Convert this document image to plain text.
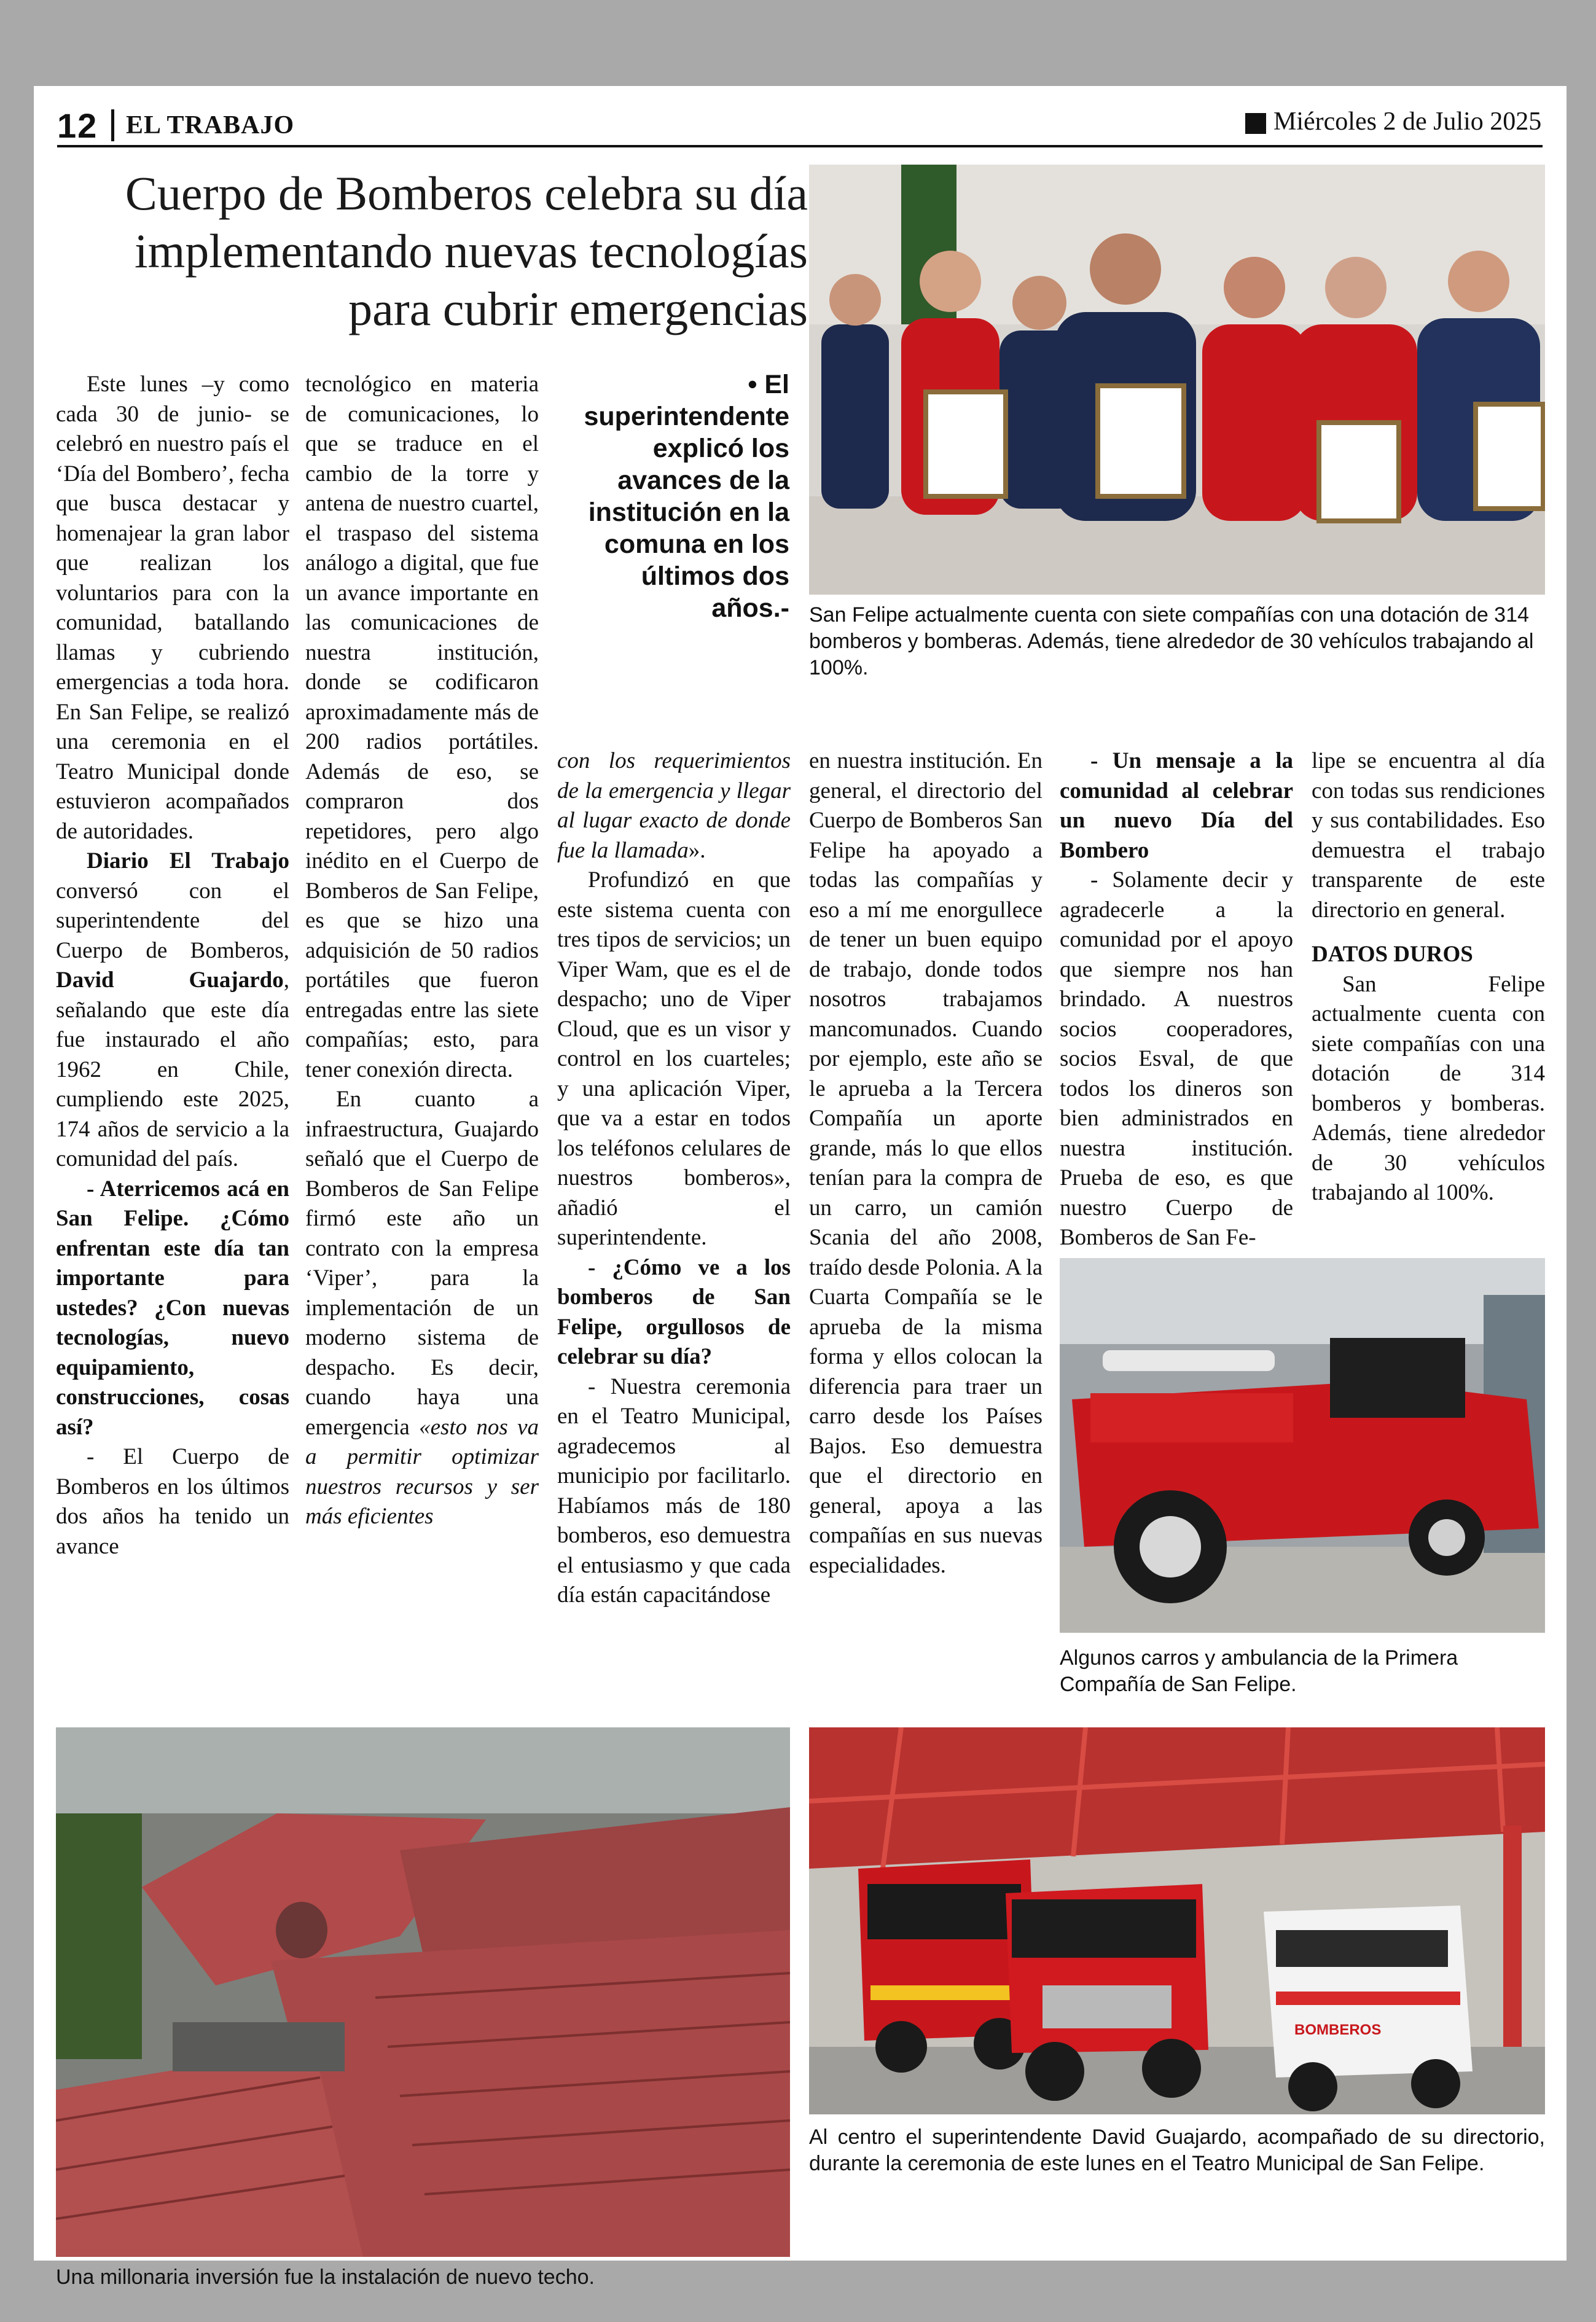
12 EL TRABAJO	Miércoles 2 de Julio 2025
Cuerpo de Bomberos celebra su día
implementando nuevas tecnologías
para cubrir emergencias
• El superintendente explicó los avances de la institución en la comuna en los últimos dos años.-

Este lunes –y como cada 30 de junio- se celebró en nuestro país el ‘Día del Bombero’, fecha que busca destacar y homenajear la gran labor que realizan los voluntarios para con la comunidad, batallando llamas y cubriendo emergencias a toda hora. En San Felipe, se realizó una ceremonia en el Teatro Municipal donde estuvieron acompañados de autoridades.

Diario El Trabajo conversó con el superintendente del Cuerpo de Bomberos, David Guajardo, señalando que este día fue instaurado el año 1962 en Chile, cumpliendo este 2025, 174 años de servicio a la comunidad del país.

- Aterricemos acá en San Felipe. ¿Cómo enfrentan este día tan importante para ustedes? ¿Con nuevas tecnologías, nuevo equipamiento, construcciones, cosas así?

- El Cuerpo de Bomberos en los últimos dos años ha tenido un avance

tecnológico en materia de comunicaciones, lo que se traduce en el cambio de la torre y antena de nuestro cuartel, el traspaso del sistema análogo a digital, que fue un avance importante en las comunicaciones de nuestra institución, donde se codificaron aproximadamente más de 200 radios portátiles. Además de eso, se compraron dos repetidores, pero algo inédito en el Cuerpo de Bomberos de San Felipe, es que se hizo una adquisición de 50 radios portátiles que fueron entregadas entre las siete compañías; esto, para tener conexión directa.

En cuanto a infraestructura, Guajardo señaló que el Cuerpo de Bomberos de San Felipe firmó este año un contrato con la empresa ‘Viper’, para la implementación de un moderno sistema de despacho. Es decir, cuando haya una emergencia «esto nos va a permitir optimizar nuestros recursos y ser más eficientes

con los requerimientos de la emergencia y llegar al lugar exacto de donde fue la llamada».

Profundizó en que este sistema cuenta con tres tipos de servicios; un Viper Wam, que es el de despacho; uno de Viper Cloud, que es un visor y control en los cuarteles; y una aplicación Viper, que va a estar en todos los teléfonos celulares de nuestros bomberos», añadió el superintendente.

- ¿Cómo ve a los bomberos de San Felipe, orgullosos de celebrar su día?

- Nuestra ceremonia en el Teatro Municipal, agradecemos al municipio por facilitarlo. Habíamos más de 180 bomberos, eso demuestra el entusiasmo y que cada día están capacitándose

en nuestra institución. En general, el directorio del Cuerpo de Bomberos San Felipe ha apoyado a todas las compañías y eso a mí me enorgullece de tener un buen equipo de trabajo, donde todos nosotros trabajamos mancomunados. Cuando por ejemplo, este año se le aprueba a la Tercera Compañía un aporte grande, más lo que ellos tenían para la compra de un carro, un camión Scania del año 2008, traído desde Polonia. A la Cuarta Compañía se le aprueba de la misma forma y ellos colocan la diferencia para traer un carro desde los Países Bajos. Eso demuestra que el directorio en general, apoya a las compañías en sus nuevas especialidades.

- Un mensaje a la comunidad al celebrar un nuevo Día del Bombero

- Solamente decir y agradecerle a la comunidad por el apoyo que siempre nos han brindado. A nuestros socios cooperadores, socios Esval, de que todos los dineros son bien administrados en nuestra institución. Prueba de eso, es que nuestro Cuerpo de Bomberos de San Fe-

lipe se encuentra al día con todas sus rendiciones y sus contabilidades. Eso demuestra el trabajo transparente de este directorio en general.

DATOS DUROS

San Felipe actualmente cuenta con siete compañías con una dotación de 314 bomberos y bomberas. Además, tiene alrededor de 30 vehículos trabajando al 100%.

San Felipe actualmente cuenta con siete compañías con una dotación de 314 bomberos y bomberas. Además, tiene alrededor de 30 vehículos trabajando al 100%.
Algunos carros y ambulancia de la Primera Compañía de San Felipe.
Una millonaria inversión fue la instalación de nuevo techo.
BOMBEROS
Al centro el superintendente David Guajardo, acompañado de su directorio, durante la ceremonia de este lunes en el Teatro Municipal de San Felipe.
